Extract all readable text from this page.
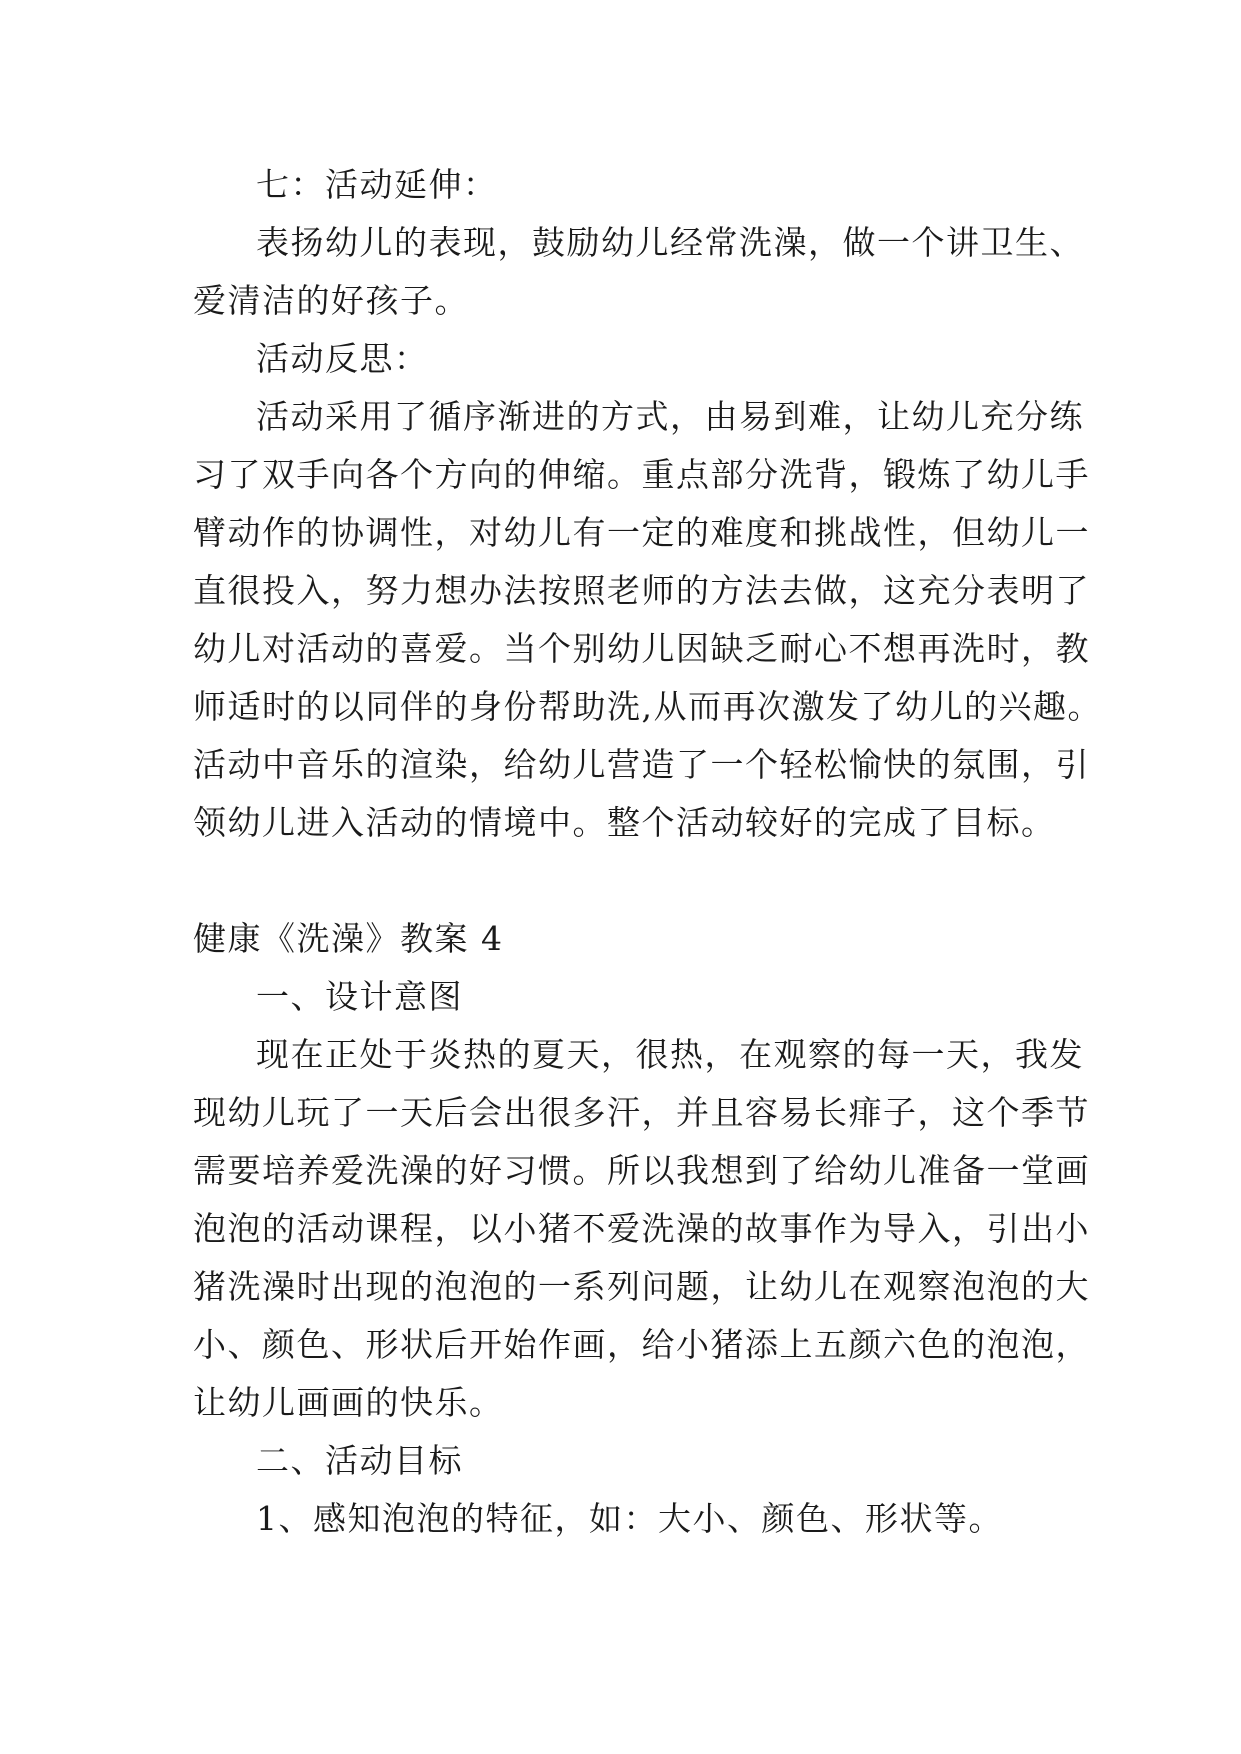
七：活动延伸：
表扬幼儿的表现，鼓励幼儿经常洗澡，做一个讲卫生、
爱清洁的好孩子。
活动反思：
活动采用了循序渐进的方式，由易到难，让幼儿充分练
习了双手向各个方向的伸缩。重点部分洗背，锻炼了幼儿手
臂动作的协调性，对幼儿有一定的难度和挑战性，但幼儿一
直很投入，努力想办法按照老师的方法去做，这充分表明了
幼儿对活动的喜爱。当个别幼儿因缺乏耐心不想再洗时，教
师适时的以同伴的身份帮助洗,从而再次激发了幼儿的兴趣。
活动中音乐的渲染，给幼儿营造了一个轻松愉快的氛围，引
领幼儿进入活动的情境中。整个活动较好的完成了目标。
健康《洗澡》教案 4
一、设计意图
现在正处于炎热的夏天，很热，在观察的每一天，我发
现幼儿玩了一天后会出很多汗，并且容易长痱子，这个季节
需要培养爱洗澡的好习惯。所以我想到了给幼儿准备一堂画
泡泡的活动课程，以小猪不爱洗澡的故事作为导入，引出小
猪洗澡时出现的泡泡的一系列问题，让幼儿在观察泡泡的大
小、颜色、形状后开始作画，给小猪添上五颜六色的泡泡，
让幼儿画画的快乐。
二、活动目标
1、感知泡泡的特征，如：大小、颜色、形状等。
